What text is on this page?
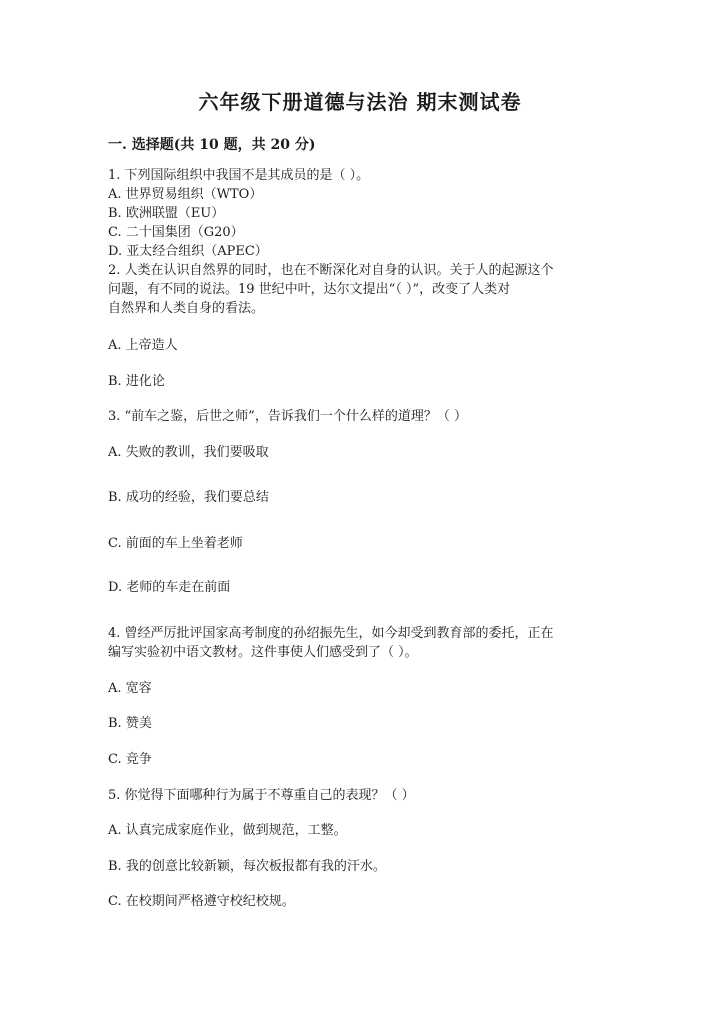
六年级下册道德与法治 期末测试卷
一. 选择题(共 10 题，共 20 分)
1. 下列国际组织中我国不是其成员的是（ ）。
A. 世界贸易组织（WTO）
B. 欧洲联盟（EU）
C. 二十国集团（G20）
D. 亚太经合组织（APEC）
2. 人类在认识自然界的同时，也在不断深化对自身的认识。关于人的起源这个
问题，有不同的说法。19 世纪中叶，达尔文提出“（ ）”，改变了人类对
自然界和人类自身的看法。
A. 上帝造人
B. 进化论
3. “前车之鉴，后世之师”，告诉我们一个什么样的道理？（ ）
A. 失败的教训，我们要吸取
B. 成功的经验，我们要总结
C. 前面的车上坐着老师
D. 老师的车走在前面
4. 曾经严厉批评国家高考制度的孙绍振先生，如今却受到教育部的委托，正在
编写实验初中语文教材。这件事使人们感受到了（ ）。
A. 宽容
B. 赞美
C. 竞争
5. 你觉得下面哪种行为属于不尊重自己的表现？（ ）
A. 认真完成家庭作业，做到规范，工整。
B. 我的创意比较新颖，每次板报都有我的汗水。
C. 在校期间严格遵守校纪校规。
